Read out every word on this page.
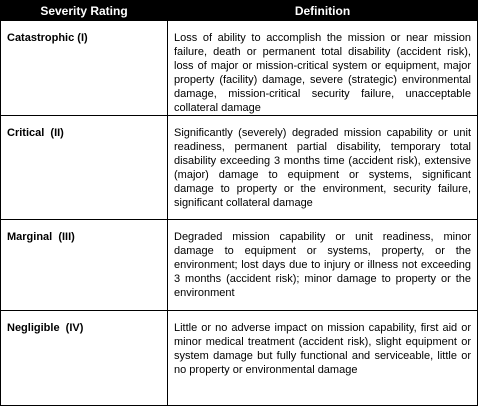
Severity Rating	Definition

Catastrophic (I)	Loss of ability to accomplish the mission or near mission failure, death or permanent total disability (accident risk), loss of major or mission-critical system or equipment, major property (facility) damage, severe (strategic) environmental damage, mission-critical security failure, unacceptable collateral damage

Critical  (II)	Significantly (severely) degraded mission capability or unit readiness, permanent partial disability, temporary total disability exceeding 3 months time (accident risk), extensive (major) damage to equipment or systems, significant damage to property or the environment, security failure, significant collateral damage

Marginal  (III)	Degraded mission capability or unit readiness, minor damage to equipment or systems, property, or the environment; lost days due to injury or illness not exceeding 3 months (accident risk); minor damage to property or the environment

Negligible  (IV)	Little or no adverse impact on mission capability, first aid or minor medical treatment (accident risk), slight equipment or system damage but fully functional and serviceable, little or no property or environmental damage
